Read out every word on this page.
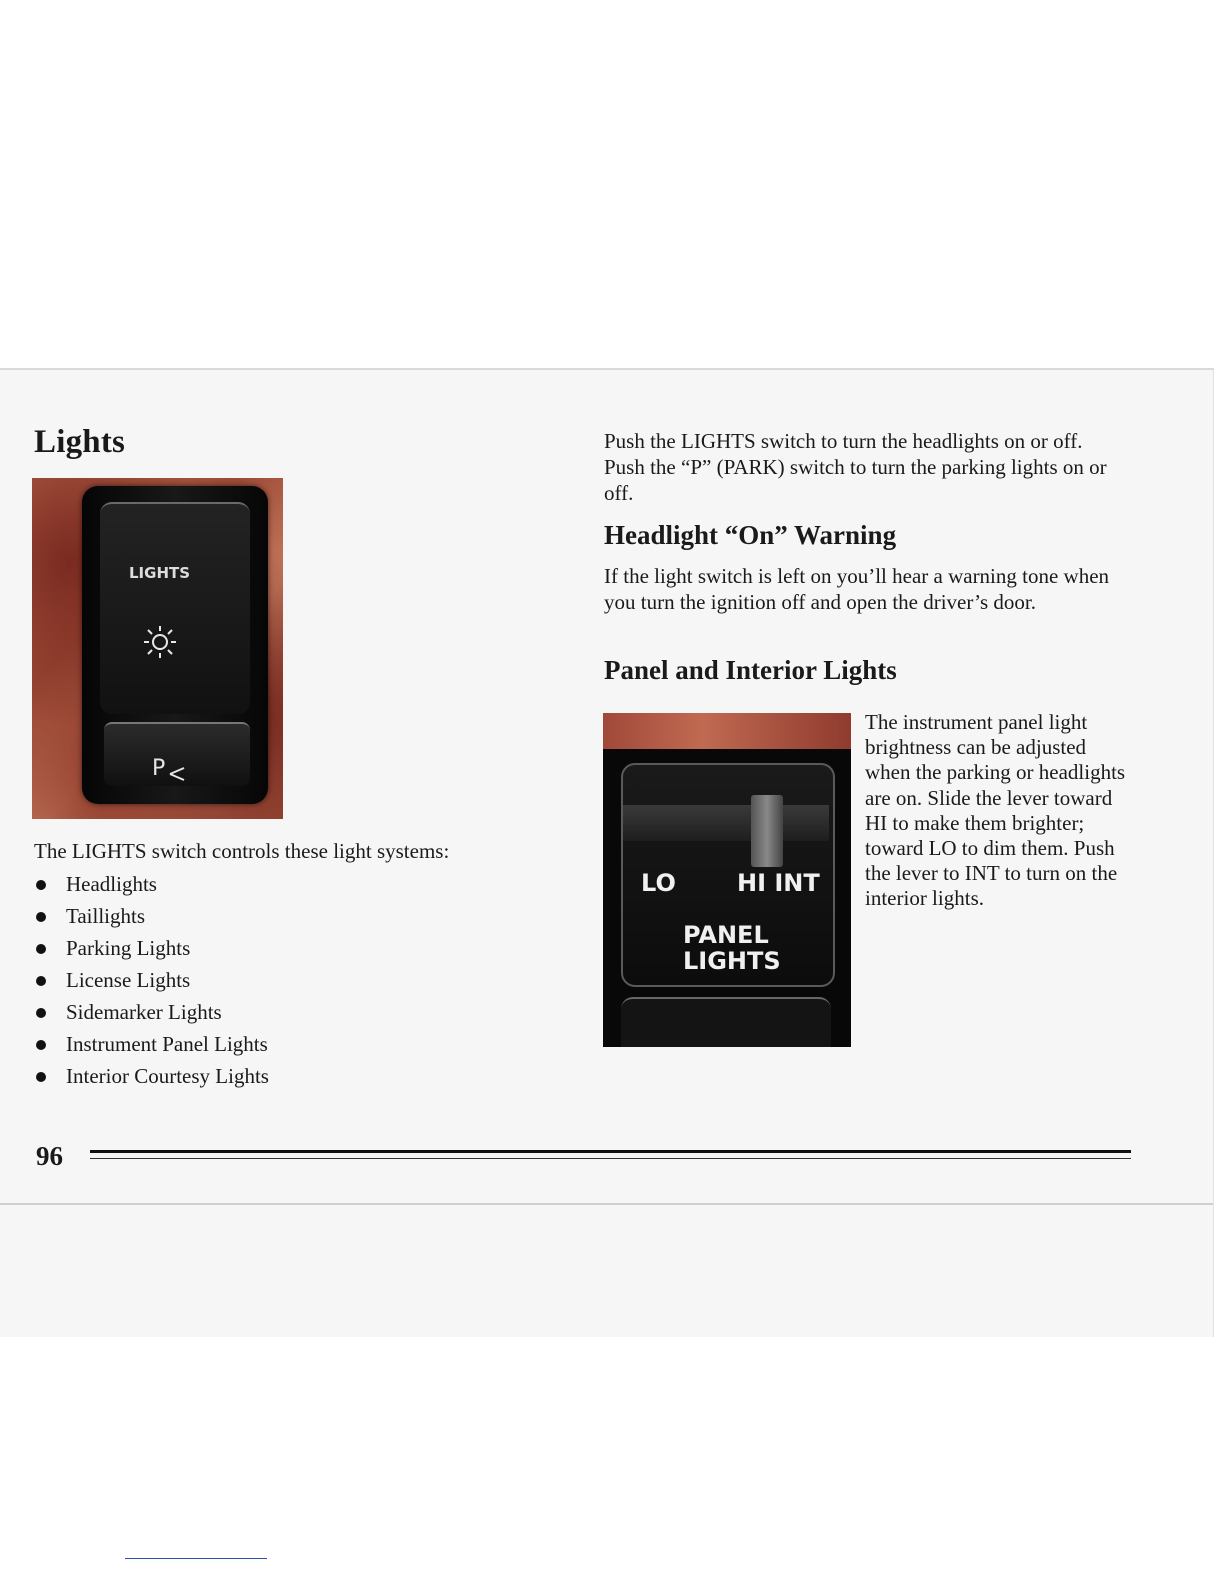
Lights
LIGHTS
P

The LIGHTS switch controls these light systems:

Headlights
Taillights
Parking Lights
License Lights
Sidemarker Lights
Instrument Panel Lights
Interior Courtesy Lights

Push the LIGHTS switch to turn the headlights on or off. Push the “P” (PARK) switch to turn the parking lights on or off.

Headlight “On” Warning

If the light switch is left on you’ll hear a warning tone when you turn the ignition off and open the driver’s door.

Panel and Interior Lights
LO	HI INT
PANEL
LIGHTS

The instrument panel light brightness can be adjusted when the parking or headlights are on. Slide the lever toward HI to make them brighter; toward LO to dim them. Push the lever to INT to turn on the interior lights.

96
